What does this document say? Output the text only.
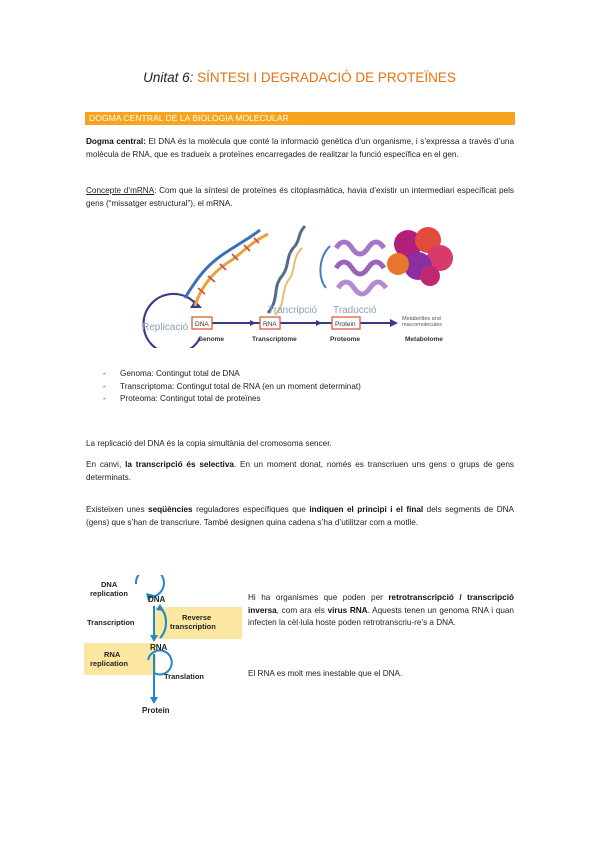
Unitat 6: SÍNTESI I DEGRADACIÓ DE PROTEÏNES
DOGMA CENTRAL DE LA BIOLOGIA MOLECULAR
Dogma central: El DNA és la molècula que conté la informació genètica d’un organisme, i s’expressa a través d’una molècula de RNA, que es tradueix a proteïnes encarregades de realitzar la funció específica en el gen.
Concepte d’mRNA: Com que la síntesi de proteïnes és citoplasmàtica, havia d’existir un intermediari específicat pels gens (“missatger estructural”), el mRNA.
Replicació
Trancripció Traducció
DNA	RNA	Protein
Metabolites and macromolecules
Genome	Transcriptome	Proteome	Metabolome
- Genoma: Contingut total de DNA
- Transcriptoma: Contingut total de RNA (en un moment determinat)
- Proteoma: Contingut total de proteïnes
La replicació del DNA és la copia simultània del cromosoma sencer.
En canvi, la transcripció és selectiva. En un moment donat, només es transcriuen uns gens o grups de gens determinats.
Existeixen unes seqüències reguladores específiques que indiquen el principi i el final dels segments de DNA (gens) que s’han de transcriure. També designen quina cadena s’ha d’utilitzar com a motlle.
DNA replication
DNA
Transcription
Reverse transcription
RNA replication
RNA
Translation
Protein
Hi ha organismes que poden per retrotranscripció / transcripció inversa, com ara els virus RNA. Aquests tenen un genoma RNA i quan infecten la cèl·lula hoste poden retrotranscriu-re’s a DNA.
El RNA es molt mes inestable que el DNA.
